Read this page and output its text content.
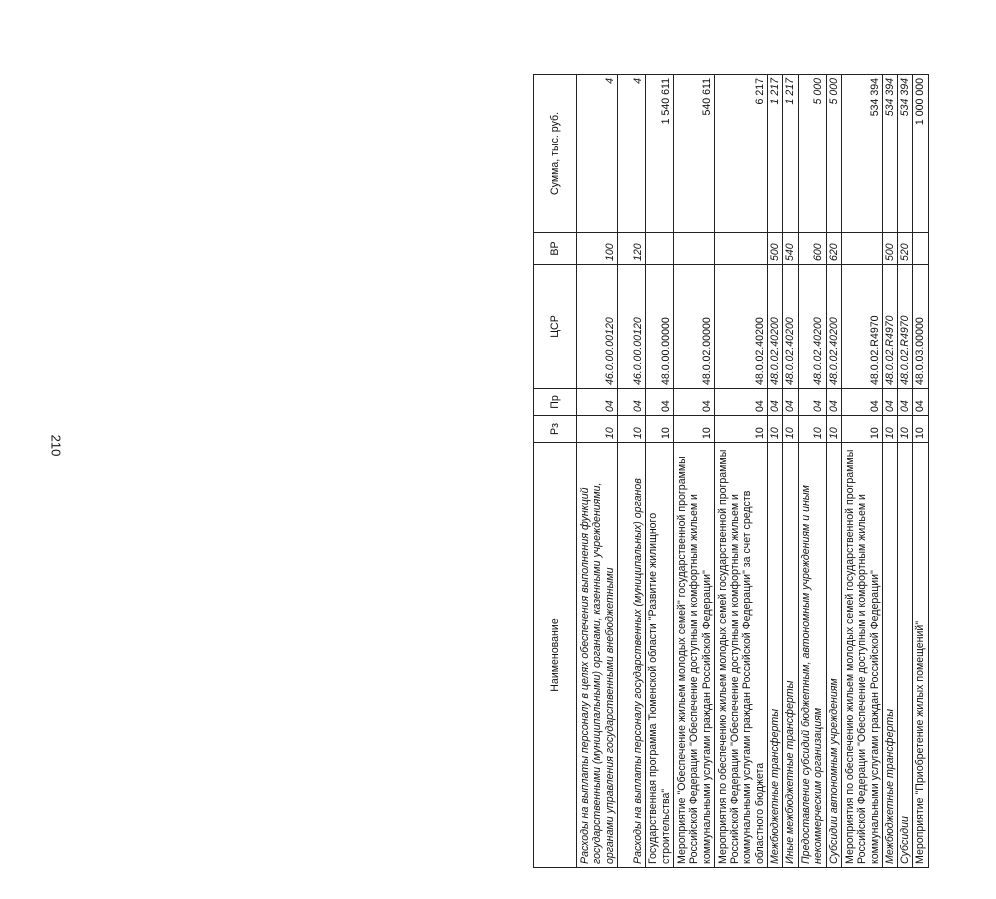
210
Наименование	Рз	Пр	ЦСР	ВР	Сумма, тыс. руб.
Расходы на выплаты персоналу в целях обеспечения выполнения функций государственными (муниципальными) органами, казенными учреждениями, органами управления государственными внебюджетными	10	04	46.0.00.00120	100	4
Расходы на выплаты персоналу государственных (муниципальных) органов	10	04	46.0.00.00120	120	4
Государственная программа Тюменской области "Развитие жилищного строительства"	10	04	48.0.00.00000		1 540 611
Мероприятие "Обеспечение жильем молодых семей" государственной программы Российской Федерации "Обеспечение доступным и комфортным жильем и коммунальными услугами граждан Российской Федерации"	10	04	48.0.02.00000		540 611
Мероприятия по обеспечению жильем молодых семей государственной программы Российской Федерации "Обеспечение доступным и комфортным жильем и коммунальными услугами граждан Российской Федерации" за счет средств областного бюджета	10	04	48.0.02.40200		6 217
Межбюджетные трансферты	10	04	48.0.02.40200	500	1 217
Иные межбюджетные трансферты	10	04	48.0.02.40200	540	1 217
Предоставление субсидий бюджетным, автономным учреждениям и иным некоммерческим организациям	10	04	48.0.02.40200	600	5 000
Субсидии автономным учреждениям	10	04	48.0.02.40200	620	5 000
Мероприятия по обеспечению жильем молодых семей государственной программы Российской Федерации "Обеспечение доступным и комфортным жильем и коммунальными услугами граждан Российской Федерации"	10	04	48.0.02.R4970		534 394
Межбюджетные трансферты	10	04	48.0.02.R4970	500	534 394
Субсидии	10	04	48.0.02.R4970	520	534 394
Мероприятие "Приобретение жилых помещений"	10	04	48.0.03.00000		1 000 000
